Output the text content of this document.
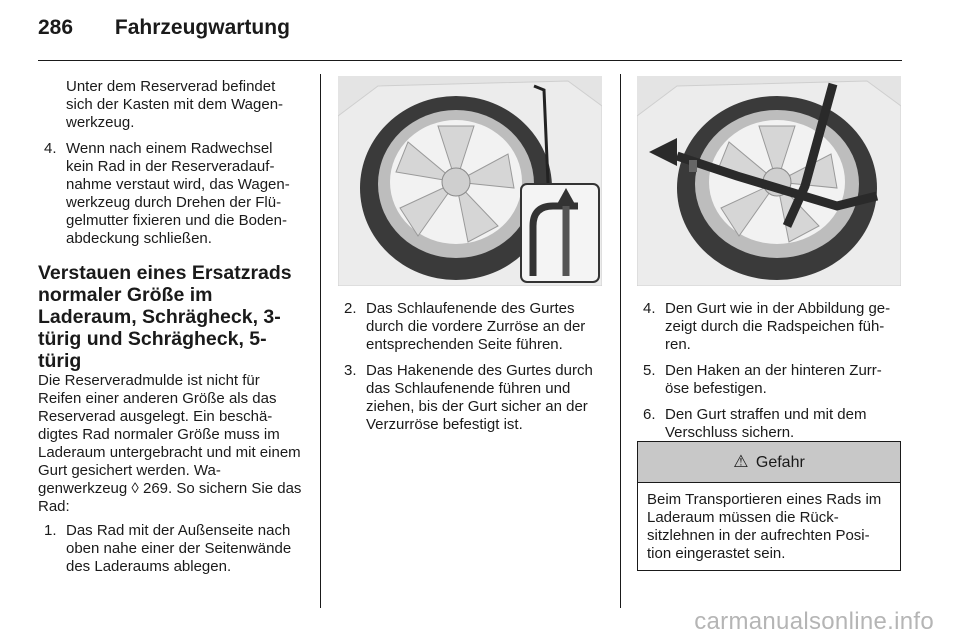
286 Fahrzeugwartung

Unter dem Reserverad befindet sich der Kasten mit dem Wagen-werkzeug.

4. Wenn nach einem Radwechsel kein Rad in der Reserveradauf-nahme verstaut wird, das Wagen-werkzeug durch Drehen der Flü-gelmutter fixieren und die Boden-abdeckung schließen.
Verstauen eines Ersatzrads normaler Größe im Laderaum, Schrägheck, 3-türig und Schrägheck, 5-türig

Die Reserveradmulde ist nicht für Reifen einer anderen Größe als das Reserverad ausgelegt. Ein beschä-digtes Rad normaler Größe muss im Laderaum untergebracht und mit einem Gurt gesichert werden. Wa-genwerkzeug ◊ 269. So sichern Sie das Rad:

1. Das Rad mit der Außenseite nach oben nahe einer der Seitenwände des Laderaums ablegen.
2. Das Schlaufenende des Gurtes durch die vordere Zurröse an der entsprechenden Seite führen.
3. Das Hakenende des Gurtes durch das Schlaufenende führen und ziehen, bis der Gurt sicher an der Verzurröse befestigt ist.
4. Den Gurt wie in der Abbildung ge-zeigt durch die Radspeichen füh-ren.
5. Den Haken an der hinteren Zurr-öse befestigen.
6. Den Gurt straffen und mit dem Verschluss sichern.
⚠ Gefahr
Beim Transportieren eines Rads im Laderaum müssen die Rück-sitzlehnen in der aufrechten Posi-tion eingerastet sein.
carmanualsonline.info
